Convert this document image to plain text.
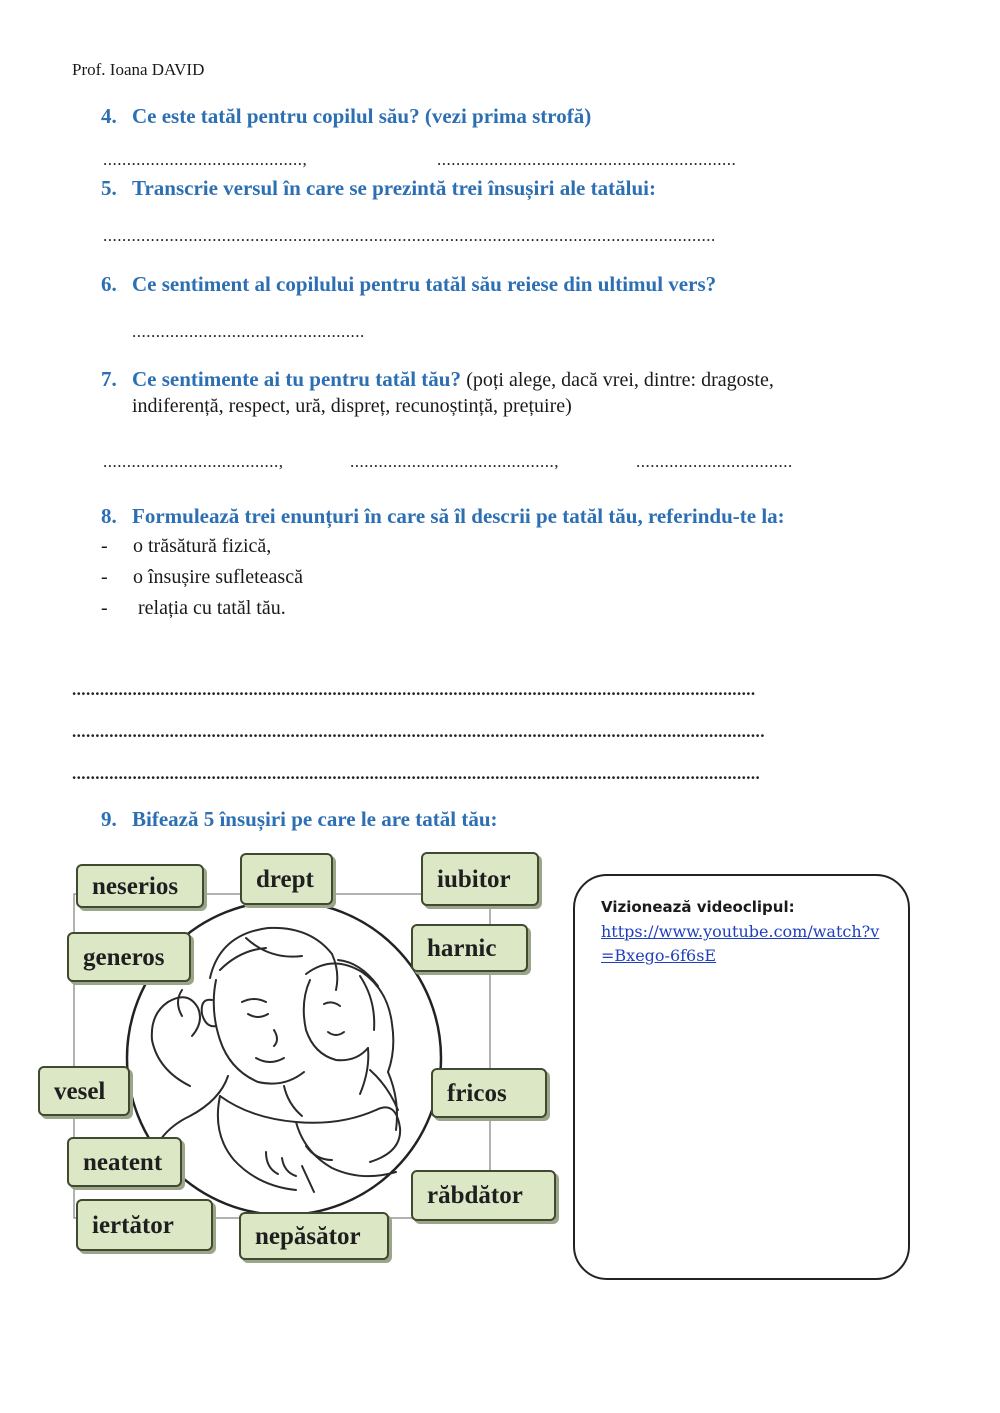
Prof. Ioana DAVID
4. Ce este tatăl pentru copilul său? (vezi prima strofă)
..........................................,	...............................................................
5. Transcrie versul în care se prezintă trei însușiri ale tatălui:
.................................................................................................................................
6. Ce sentiment al copilului pentru tatăl său reiese din ultimul vers?
.................................................
7. Ce sentimente ai tu pentru tatăl tău? (poți alege, dacă vrei, dintre: dragoste,
indiferență, respect, ură, dispreț, recunoștință, prețuire)
.....................................,	...........................................,	.................................
8. Formulează trei enunțuri în care să îl descrii pe tatăl tău, referindu-te la:
- o trăsătură fizică,
- o însușire sufletească
- relația cu tatăl tău.
...................................................................................................................................................
.....................................................................................................................................................
....................................................................................................................................................
9. Bifează 5 însușiri pe care le are tatăl tău:
neserios	drept	iubitor
generos	harnic
vesel	fricos
neatent
răbdător
iertător	nepăsător
Vizionează videoclipul:
https://www.youtube.com/watch?v=Bxego-6f6sE
